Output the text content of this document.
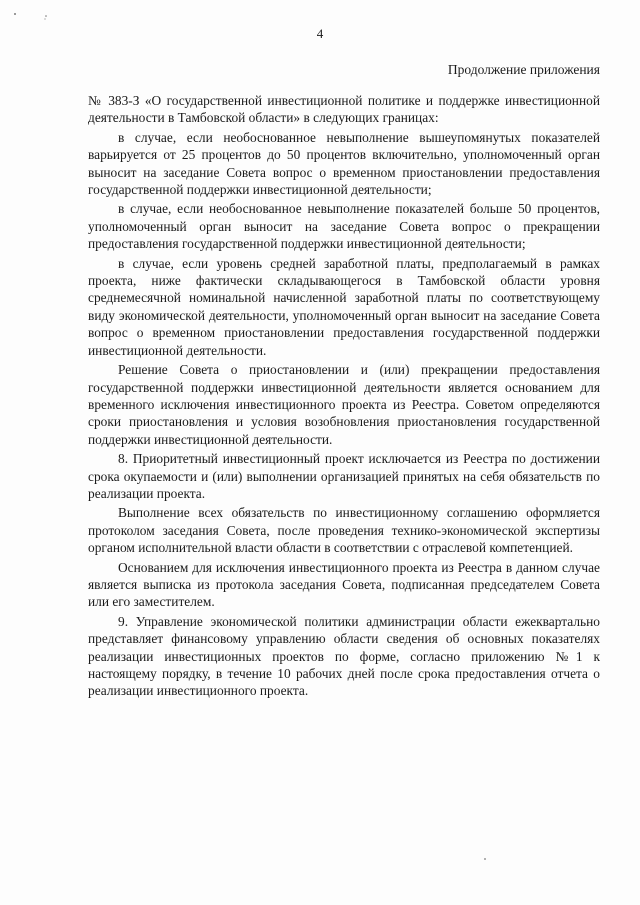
4
Продолжение приложения

№ 383-З «О государственной инвестиционной политике и поддержке инвестиционной деятельности в Тамбовской области» в следующих границах:

в случае, если необоснованное невыполнение вышеупомянутых показателей варьируется от 25 процентов до 50 процентов включительно, уполномоченный орган выносит на заседание Совета вопрос о временном приостановлении предоставления государственной поддержки инвестиционной деятельности;

в случае, если необоснованное невыполнение показателей больше 50 процентов, уполномоченный орган выносит на заседание Совета вопрос о прекращении предоставления государственной поддержки инвестиционной деятельности;

в случае, если уровень средней заработной платы, предполагаемый в рамках проекта, ниже фактически складывающегося в Тамбовской области уровня среднемесячной номинальной начисленной заработной платы по соответствующему виду экономической деятельности, уполномоченный орган выносит на заседание Совета вопрос о временном приостановлении предоставления государственной поддержки инвестиционной деятельности.

Решение Совета о приостановлении и (или) прекращении предоставления государственной поддержки инвестиционной деятельности является основанием для временного исключения инвестиционного проекта из Реестра. Советом определяются сроки приостановления и условия возобновления приостановления государственной поддержки инвестиционной деятельности.

8. Приоритетный инвестиционный проект исключается из Реестра по достижении срока окупаемости и (или) выполнении организацией принятых на себя обязательств по реализации проекта.

Выполнение всех обязательств по инвестиционному соглашению оформляется протоколом заседания Совета, после проведения технико-экономической экспертизы органом исполнительной власти области в соответствии с отраслевой компетенцией.

Основанием для исключения инвестиционного проекта из Реестра в данном случае является выписка из протокола заседания Совета, подписанная председателем Совета или его заместителем.

9. Управление экономической политики администрации области ежеквартально представляет финансовому управлению области сведения об основных показателях реализации инвестиционных проектов по форме, согласно приложению №1 к настоящему порядку, в течение 10 рабочих дней после срока предоставления отчета о реализации инвестиционного проекта.
